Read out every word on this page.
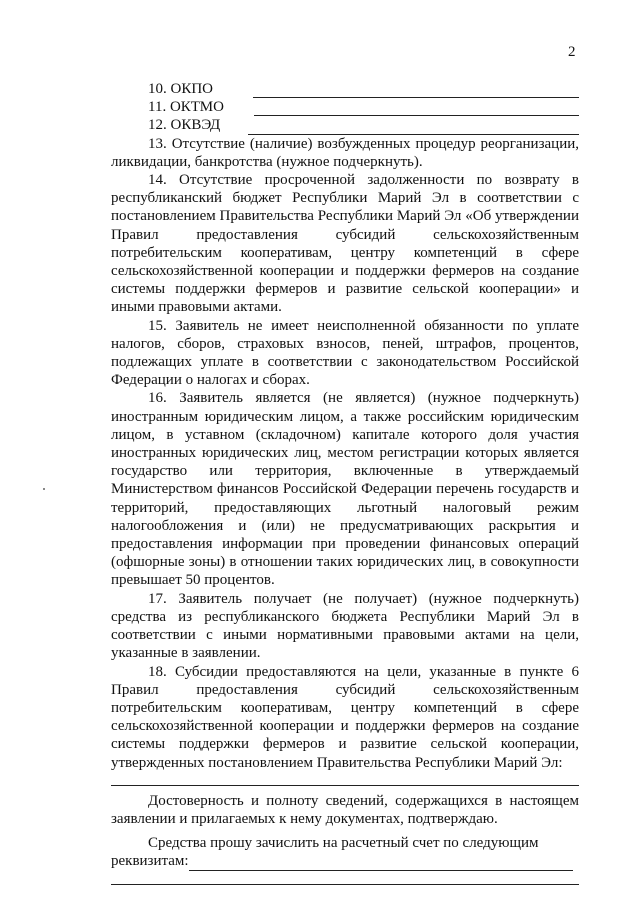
2
10. ОКПО
11. ОКТМО
12. ОКВЭД
13. Отсутствие (наличие) возбужденных процедур реорганизации, ликвидации, банкротства (нужное подчеркнуть).
14. Отсутствие просроченной задолженности по возврату в республиканский бюджет Республики Марий Эл в соответствии с постановлением Правительства Республики Марий Эл «Об утверждении Правил предоставления субсидий сельскохозяйственным потребительским кооперативам, центру компетенций в сфере сельскохозяйственной кооперации и поддержки фермеров на создание системы поддержки фермеров и развитие сельской кооперации» и иными правовыми актами.
15. Заявитель не имеет неисполненной обязанности по уплате налогов, сборов, страховых взносов, пеней, штрафов, процентов, подлежащих уплате в соответствии с законодательством Российской Федерации о налогах и сборах.
16. Заявитель является (не является) (нужное подчеркнуть) иностранным юридическим лицом, а также российским юридическим лицом, в уставном (складочном) капитале которого доля участия иностранных юридических лиц, местом регистрации которых является государство или территория, включенные в утверждаемый Министерством финансов Российской Федерации перечень государств и территорий, предоставляющих льготный налоговый режим налогообложения и (или) не предусматривающих раскрытия и предоставления информации при проведении финансовых операций (офшорные зоны) в отношении таких юридических лиц, в совокупности превышает 50 процентов.
17. Заявитель получает (не получает) (нужное подчеркнуть) средства из республиканского бюджета Республики Марий Эл в соответствии с иными нормативными правовыми актами на цели, указанные в заявлении.
18. Субсидии предоставляются на цели, указанные в пункте 6 Правил предоставления субсидий сельскохозяйственным потребительским кооперативам, центру компетенций в сфере сельскохозяйственной кооперации и поддержки фермеров на создание системы поддержки фермеров и развитие сельской кооперации, утвержденных постановлением Правительства Республики Марий Эл:
Достоверность и полноту сведений, содержащихся в настоящем заявлении и прилагаемых к нему документах, подтверждаю.
Средства прошу зачислить на расчетный счет по следующим
реквизитам:
